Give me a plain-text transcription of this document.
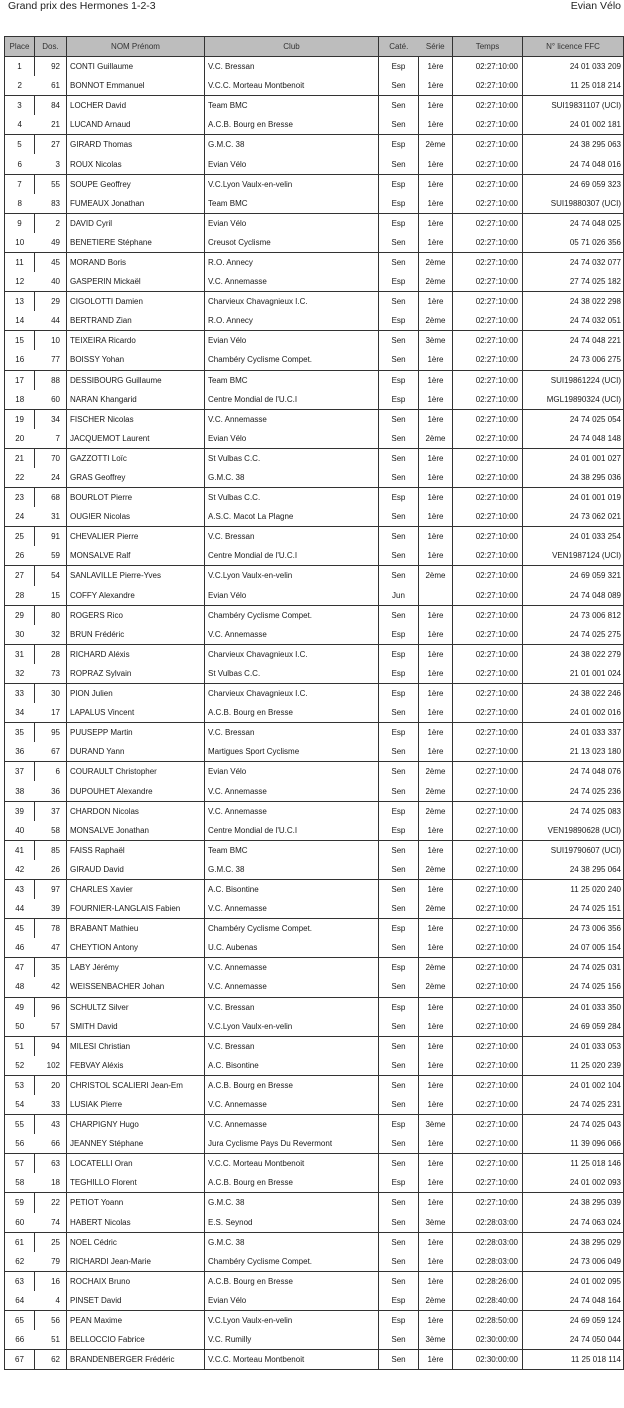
Grand prix des Hermones 1-2-3	Evian Vélo
Place	Dos.	NOM Prénom	Club	Caté.	Série	Temps	N° licence FFC
1	92	CONTI Guillaume	V.C. Bressan	Esp	1ère	02:27:10:00	24 01 033 209
2	61	BONNOT Emmanuel	V.C.C. Morteau Montbenoit	Sen	1ère	02:27:10:00	11 25 018 214
3	84	LOCHER David	Team BMC	Sen	1ère	02:27:10:00	SUI19831107 (UCI)
4	21	LUCAND Arnaud	A.C.B. Bourg en Bresse	Sen	1ère	02:27:10:00	24 01 002 181
5	27	GIRARD Thomas	G.M.C. 38	Esp	2ème	02:27:10:00	24 38 295 063
6	3	ROUX Nicolas	Evian Vélo	Sen	1ère	02:27:10:00	24 74 048 016
7	55	SOUPE Geoffrey	V.C.Lyon Vaulx-en-velin	Esp	1ère	02:27:10:00	24 69 059 323
8	83	FUMEAUX Jonathan	Team BMC	Esp	1ère	02:27:10:00	SUI19880307 (UCI)
9	2	DAVID Cyril	Evian Vélo	Esp	1ère	02:27:10:00	24 74 048 025
10	49	BENETIERE Stéphane	Creusot Cyclisme	Sen	1ère	02:27:10:00	05 71 026 356
11	45	MORAND Boris	R.O. Annecy	Sen	2ème	02:27:10:00	24 74 032 077
12	40	GASPERIN Mickaël	V.C. Annemasse	Esp	2ème	02:27:10:00	27 74 025 182
13	29	CIGOLOTTI Damien	Charvieux Chavagnieux I.C.	Sen	1ère	02:27:10:00	24 38 022 298
14	44	BERTRAND Zian	R.O. Annecy	Esp	2ème	02:27:10:00	24 74 032 051
15	10	TEIXEIRA Ricardo	Evian Vélo	Sen	3ème	02:27:10:00	24 74 048 221
16	77	BOISSY Yohan	Chambéry Cyclisme Compet.	Sen	1ère	02:27:10:00	24 73 006 275
17	88	DESSIBOURG Guillaume	Team BMC	Esp	1ère	02:27:10:00	SUI19861224 (UCI)
18	60	NARAN Khangarid	Centre Mondial de l'U.C.I	Esp	1ère	02:27:10:00	MGL19890324 (UCI)
19	34	FISCHER Nicolas	V.C. Annemasse	Sen	1ère	02:27:10:00	24 74 025 054
20	7	JACQUEMOT Laurent	Evian Vélo	Sen	2ème	02:27:10:00	24 74 048 148
21	70	GAZZOTTI Loïc	St Vulbas C.C.	Sen	1ère	02:27:10:00	24 01 001 027
22	24	GRAS Geoffrey	G.M.C. 38	Sen	1ère	02:27:10:00	24 38 295 036
23	68	BOURLOT Pierre	St Vulbas C.C.	Esp	1ère	02:27:10:00	24 01 001 019
24	31	OUGIER Nicolas	A.S.C. Macot La Plagne	Sen	1ère	02:27:10:00	24 73 062 021
25	91	CHEVALIER Pierre	V.C. Bressan	Sen	1ère	02:27:10:00	24 01 033 254
26	59	MONSALVE Ralf	Centre Mondial de l'U.C.I	Sen	1ère	02:27:10:00	VEN1987124 (UCI)
27	54	SANLAVILLE Pierre-Yves	V.C.Lyon Vaulx-en-velin	Sen	2ème	02:27:10:00	24 69 059 321
28	15	COFFY Alexandre	Evian Vélo	Jun		02:27:10:00	24 74 048 089
29	80	ROGERS Rico	Chambéry Cyclisme Compet.	Sen	1ère	02:27:10:00	24 73 006 812
30	32	BRUN Frédéric	V.C. Annemasse	Esp	1ère	02:27:10:00	24 74 025 275
31	28	RICHARD Aléxis	Charvieux Chavagnieux I.C.	Esp	1ère	02:27:10:00	24 38 022 279
32	73	ROPRAZ Sylvain	St Vulbas C.C.	Esp	1ère	02:27:10:00	21 01 001 024
33	30	PION Julien	Charvieux Chavagnieux I.C.	Esp	1ère	02:27:10:00	24 38 022 246
34	17	LAPALUS Vincent	A.C.B. Bourg en Bresse	Sen	1ère	02:27:10:00	24 01 002 016
35	95	PUUSEPP Martin	V.C. Bressan	Esp	1ère	02:27:10:00	24 01 033 337
36	67	DURAND Yann	Martigues Sport Cyclisme	Sen	1ère	02:27:10:00	21 13 023 180
37	6	COURAULT Christopher	Evian Vélo	Sen	2ème	02:27:10:00	24 74 048 076
38	36	DUPOUHET Alexandre	V.C. Annemasse	Sen	2ème	02:27:10:00	24 74 025 236
39	37	CHARDON Nicolas	V.C. Annemasse	Esp	2ème	02:27:10:00	24 74 025 083
40	58	MONSALVE Jonathan	Centre Mondial de l'U.C.I	Esp	1ère	02:27:10:00	VEN19890628 (UCI)
41	85	FAISS Raphaël	Team BMC	Sen	1ère	02:27:10:00	SUI19790607 (UCI)
42	26	GIRAUD David	G.M.C. 38	Sen	2ème	02:27:10:00	24 38 295 064
43	97	CHARLES Xavier	A.C. Bisontine	Sen	1ère	02:27:10:00	11 25 020 240
44	39	FOURNIER-LANGLAIS Fabien	V.C. Annemasse	Sen	2ème	02:27:10:00	24 74 025 151
45	78	BRABANT Mathieu	Chambéry Cyclisme Compet.	Esp	1ère	02:27:10:00	24 73 006 356
46	47	CHEYTION Antony	U.C. Aubenas	Sen	1ère	02:27:10:00	24 07 005 154
47	35	LABY Jérémy	V.C. Annemasse	Esp	2ème	02:27:10:00	24 74 025 031
48	42	WEISSENBACHER Johan	V.C. Annemasse	Sen	2ème	02:27:10:00	24 74 025 156
49	96	SCHULTZ Silver	V.C. Bressan	Esp	1ère	02:27:10:00	24 01 033 350
50	57	SMITH David	V.C.Lyon Vaulx-en-velin	Sen	1ère	02:27:10:00	24 69 059 284
51	94	MILESI Christian	V.C. Bressan	Sen	1ère	02:27:10:00	24 01 033 053
52	102	FEBVAY Aléxis	A.C. Bisontine	Sen	1ère	02:27:10:00	11 25 020 239
53	20	CHRISTOL SCALIERI Jean-Em	A.C.B. Bourg en Bresse	Sen	1ère	02:27:10:00	24 01 002 104
54	33	LUSIAK Pierre	V.C. Annemasse	Sen	1ère	02:27:10:00	24 74 025 231
55	43	CHARPIGNY Hugo	V.C. Annemasse	Esp	3ème	02:27:10:00	24 74 025 043
56	66	JEANNEY Stéphane	Jura Cyclisme Pays Du Revermont	Sen	1ère	02:27:10:00	11 39 096 066
57	63	LOCATELLI Oran	V.C.C. Morteau Montbenoit	Sen	1ère	02:27:10:00	11 25 018 146
58	18	TEGHILLO Florent	A.C.B. Bourg en Bresse	Esp	1ère	02:27:10:00	24 01 002 093
59	22	PETIOT Yoann	G.M.C. 38	Sen	1ère	02:27:10:00	24 38 295 039
60	74	HABERT Nicolas	E.S. Seynod	Sen	3ème	02:28:03:00	24 74 063 024
61	25	NOEL Cédric	G.M.C. 38	Sen	1ère	02:28:03:00	24 38 295 029
62	79	RICHARDI Jean-Marie	Chambéry Cyclisme Compet.	Sen	1ère	02:28:03:00	24 73 006 049
63	16	ROCHAIX Bruno	A.C.B. Bourg en Bresse	Sen	1ère	02:28:26:00	24 01 002 095
64	4	PINSET David	Evian Vélo	Esp	2ème	02:28:40:00	24 74 048 164
65	56	PEAN Maxime	V.C.Lyon Vaulx-en-velin	Esp	1ère	02:28:50:00	24 69 059 124
66	51	BELLOCCIO Fabrice	V.C. Rumilly	Sen	3ème	02:30:00:00	24 74 050 044
67	62	BRANDENBERGER Frédéric	V.C.C. Morteau Montbenoit	Sen	1ère	02:30:00:00	11 25 018 114
